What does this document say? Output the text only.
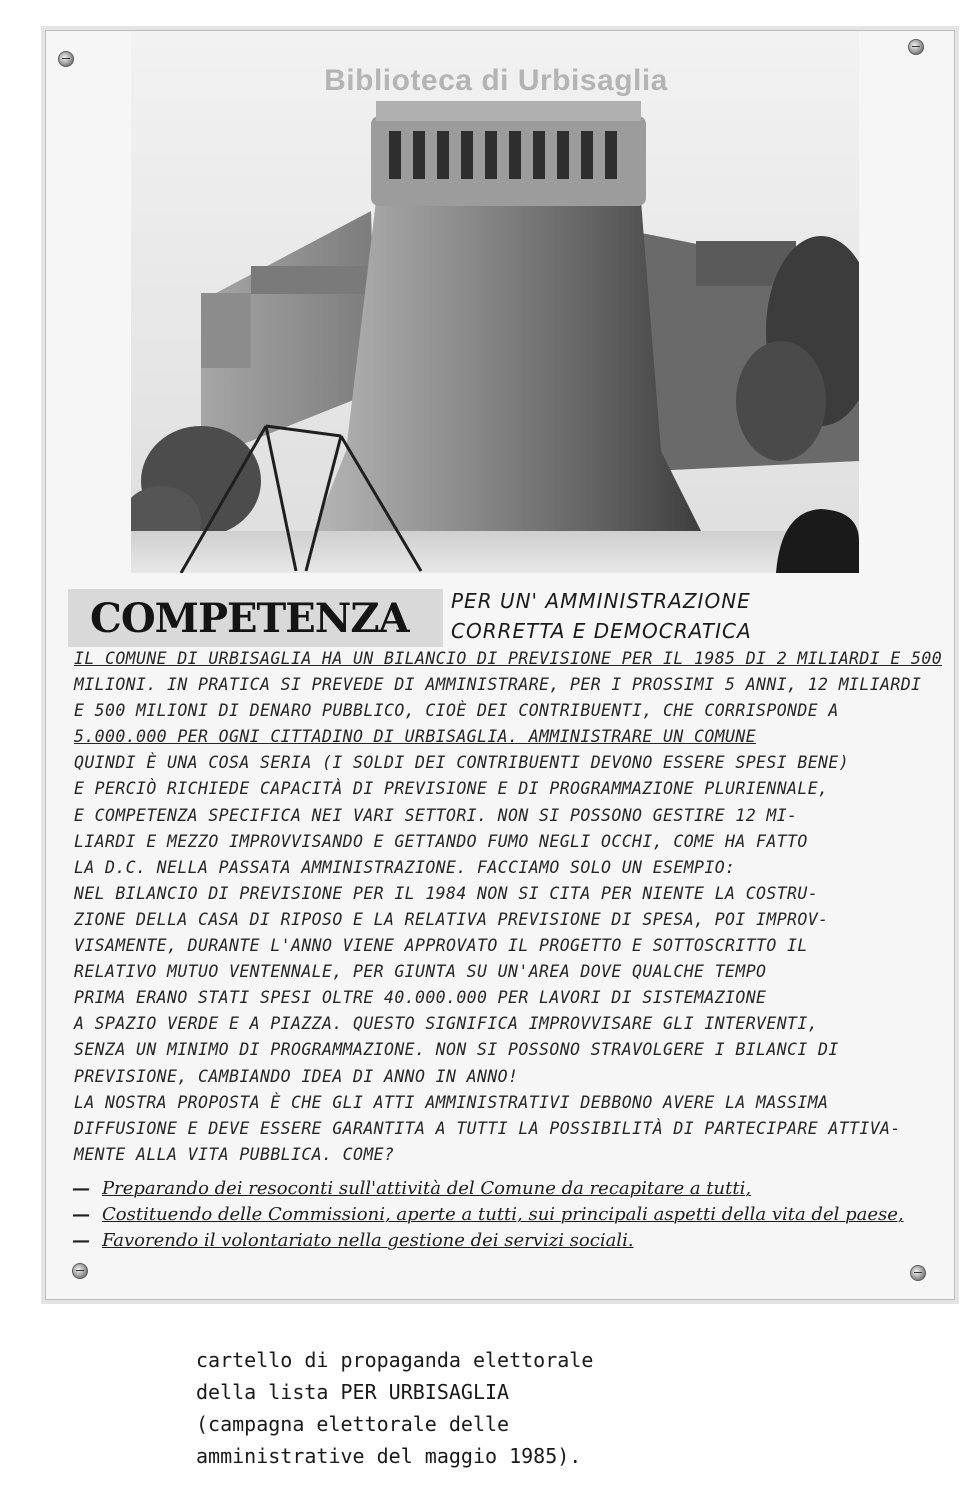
Biblioteca di Urbisaglia
COMPETENZA PER UN' AMMINISTRAZIONE
CORRETTA E DEMOCRATICA

IL COMUNE DI URBISAGLIA HA UN BILANCIO DI PREVISIONE PER IL 1985 DI 2 MILIARDI E 500

MILIONI. IN PRATICA SI PREVEDE DI AMMINISTRARE, PER I PROSSIMI 5 ANNI, 12 MILIARDI

E 500 MILIONI DI DENARO PUBBLICO, CIOÈ DEI CONTRIBUENTI, CHE CORRISPONDE A

5.000.000 PER OGNI CITTADINO DI URBISAGLIA. AMMINISTRARE UN COMUNE

QUINDI È UNA COSA SERIA (I SOLDI DEI CONTRIBUENTI DEVONO ESSERE SPESI BENE)

E PERCIÒ RICHIEDE CAPACITÀ DI PREVISIONE E DI PROGRAMMAZIONE PLURIENNALE,

E COMPETENZA SPECIFICA NEI VARI SETTORI. NON SI POSSONO GESTIRE 12 MI-

LIARDI E MEZZO IMPROVVISANDO E GETTANDO FUMO NEGLI OCCHI, COME HA FATTO

LA D.C. NELLA PASSATA AMMINISTRAZIONE. FACCIAMO SOLO UN ESEMPIO:

NEL BILANCIO DI PREVISIONE PER IL 1984 NON SI CITA PER NIENTE LA COSTRU-

ZIONE DELLA CASA DI RIPOSO E LA RELATIVA PREVISIONE DI SPESA, POI IMPROV-

VISAMENTE, DURANTE L'ANNO VIENE APPROVATO IL PROGETTO E SOTTOSCRITTO IL

RELATIVO MUTUO VENTENNALE, PER GIUNTA SU UN'AREA DOVE QUALCHE TEMPO

PRIMA ERANO STATI SPESI OLTRE 40.000.000 PER LAVORI DI SISTEMAZIONE

A SPAZIO VERDE E A PIAZZA. QUESTO SIGNIFICA IMPROVVISARE GLI INTERVENTI,

SENZA UN MINIMO DI PROGRAMMAZIONE. NON SI POSSONO STRAVOLGERE I BILANCI DI

PREVISIONE, CAMBIANDO IDEA DI ANNO IN ANNO!

LA NOSTRA PROPOSTA È CHE GLI ATTI AMMINISTRATIVI DEBBONO AVERE LA MASSIMA

DIFFUSIONE E DEVE ESSERE GARANTITA A TUTTI LA POSSIBILITÀ DI PARTECIPARE ATTIVA-

MENTE ALLA VITA PUBBLICA. COME?

— Preparando dei resoconti sull'attività del Comune da recapitare a tutti,

— Costituendo delle Commissioni, aperte a tutti, sui principali aspetti della vita del paese,

— Favorendo il volontariato nella gestione dei servizi sociali.

cartello di propaganda elettorale

della lista PER URBISAGLIA

(campagna elettorale delle

amministrative del maggio 1985).
